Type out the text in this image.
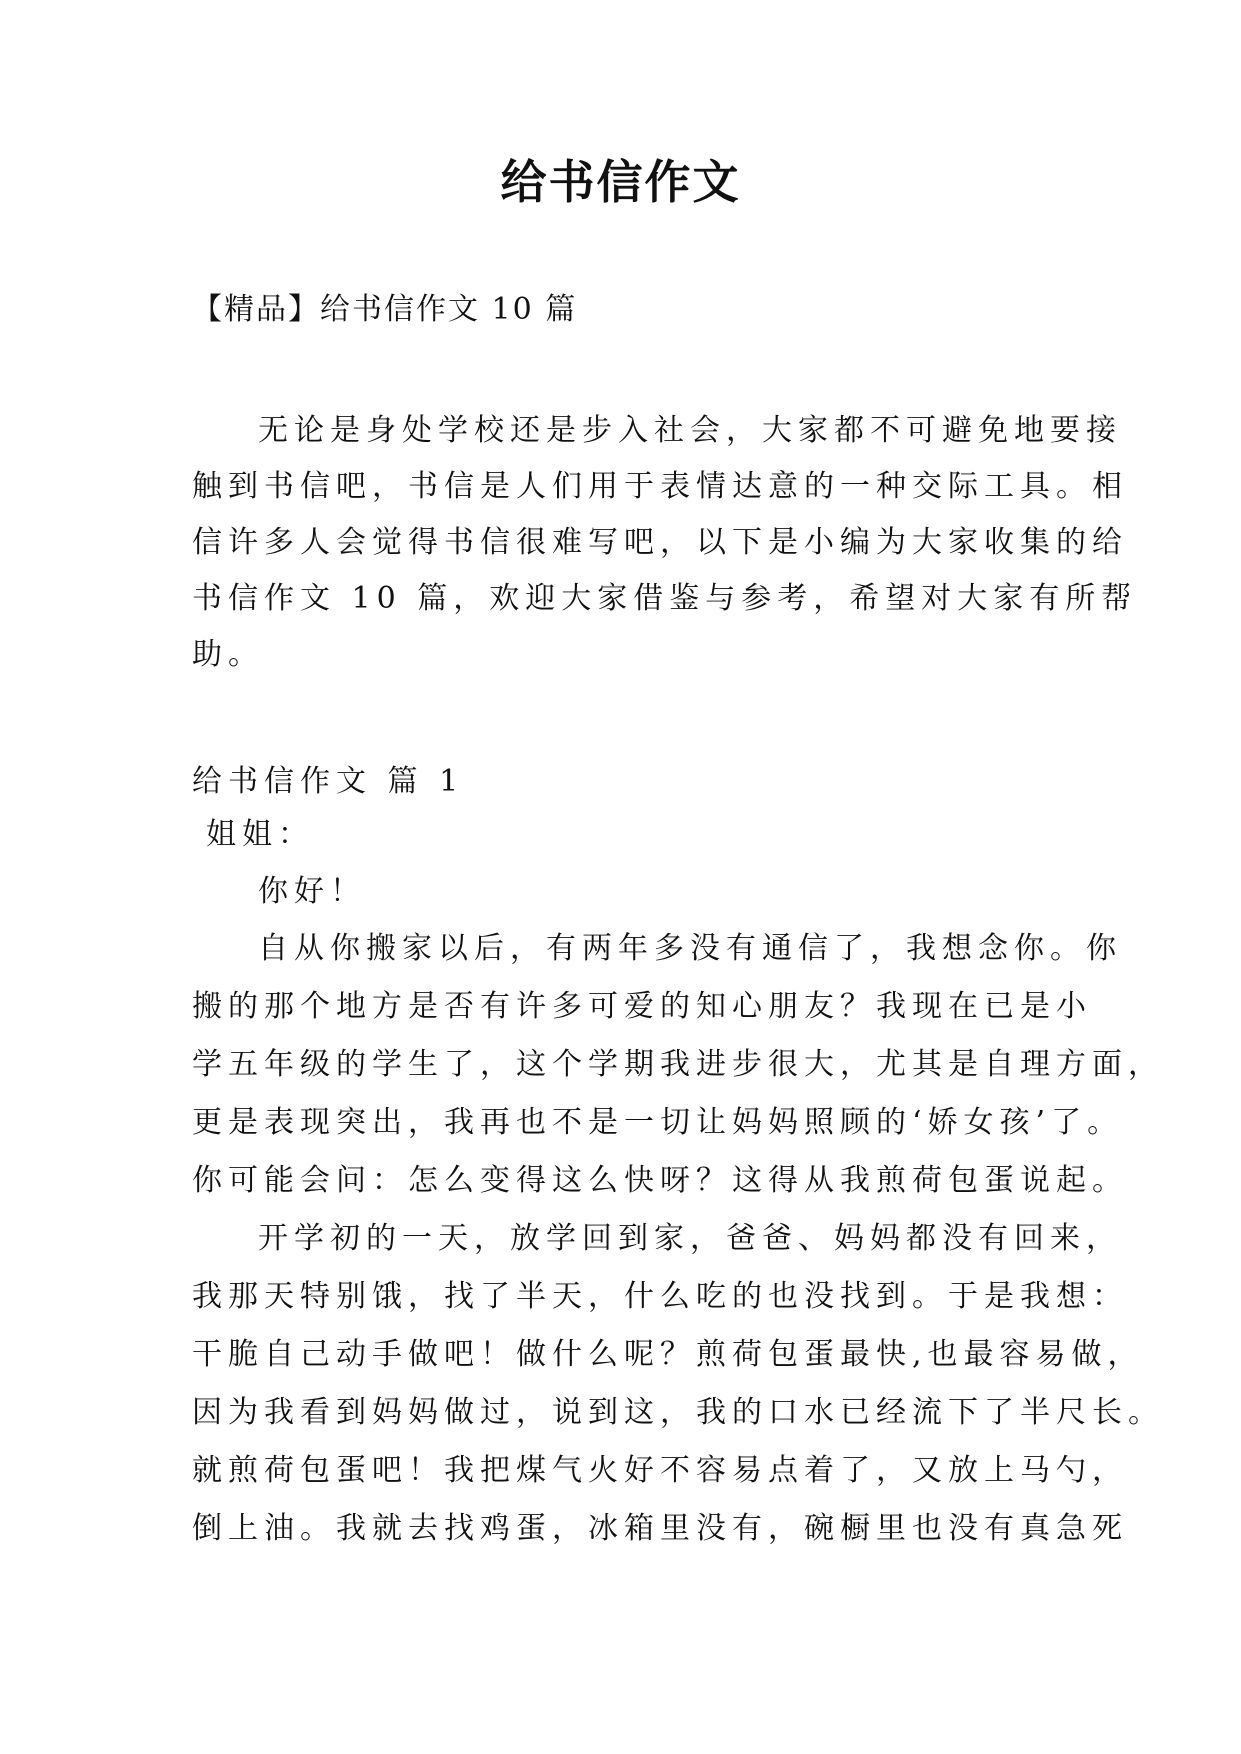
给书信作文
【精品】给书信作文 10 篇
无论是身处学校还是步入社会，大家都不可避免地要接
触到书信吧，书信是人们用于表情达意的一种交际工具。相
信许多人会觉得书信很难写吧，以下是小编为大家收集的给
书信作文 10 篇，欢迎大家借鉴与参考，希望对大家有所帮
助。
给书信作文 篇 1
姐姐：
你好！
自从你搬家以后，有两年多没有通信了，我想念你。你
搬的那个地方是否有许多可爱的知心朋友？我现在已是小
学五年级的学生了，这个学期我进步很大，尤其是自理方面，
更是表现突出，我再也不是一切让妈妈照顾的‘娇女孩’了。
你可能会问：怎么变得这么快呀？这得从我煎荷包蛋说起。
开学初的一天，放学回到家，爸爸、妈妈都没有回来，
我那天特别饿，找了半天，什么吃的也没找到。于是我想：
干脆自己动手做吧！做什么呢？煎荷包蛋最快,也最容易做，
因为我看到妈妈做过，说到这，我的口水已经流下了半尺长。
就煎荷包蛋吧！我把煤气火好不容易点着了，又放上马勺，
倒上油。我就去找鸡蛋，冰箱里没有，碗橱里也没有真急死
